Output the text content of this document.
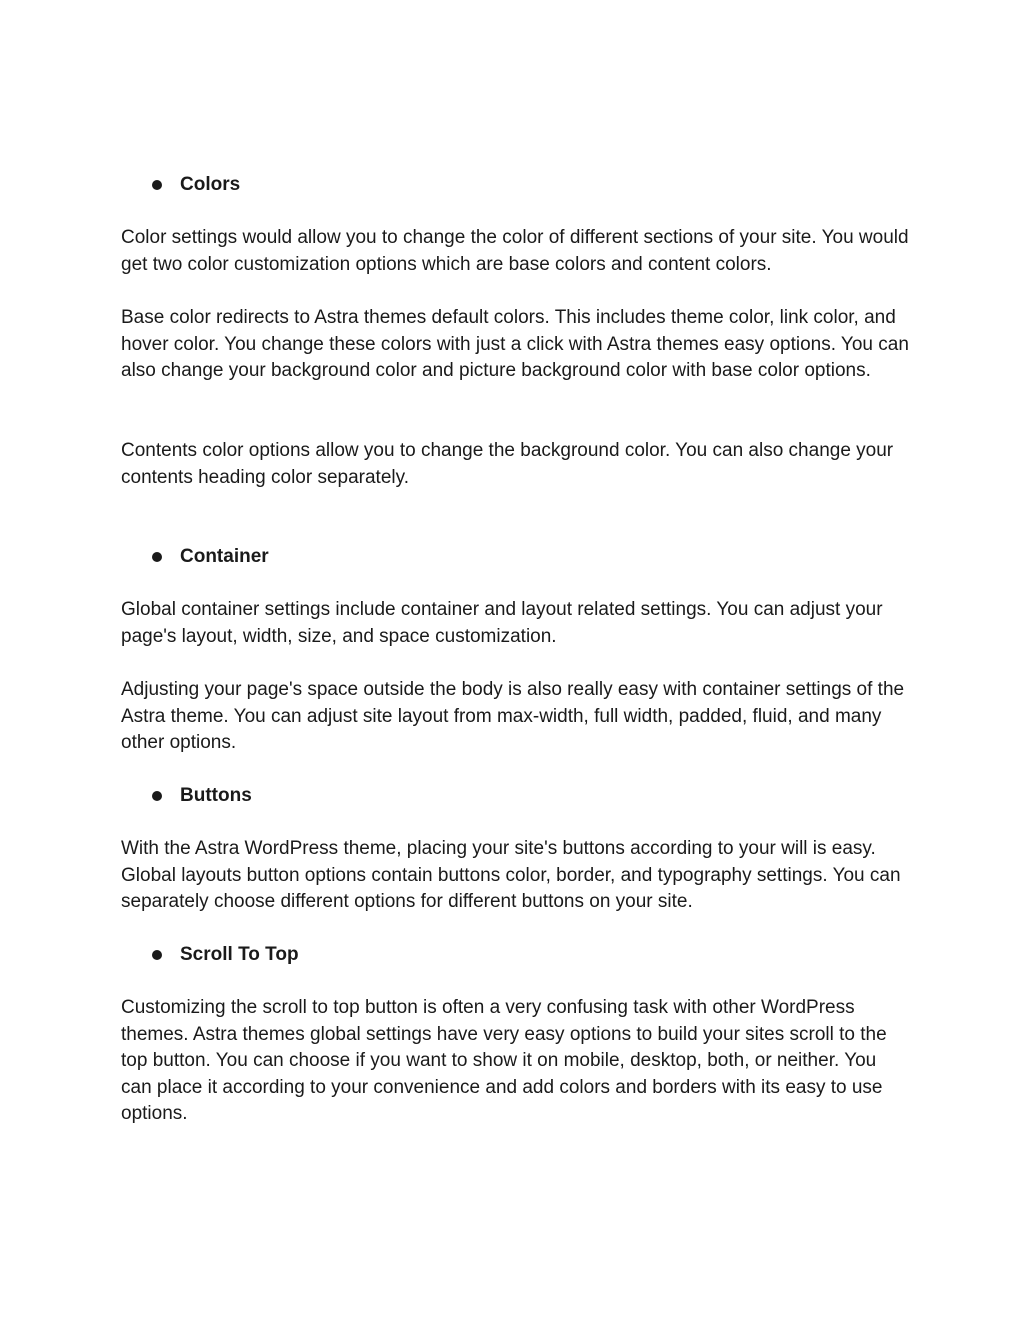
Colors

Color settings would allow you to change the color of different sections of your site. You would get two color customization options which are base colors and content colors.

Base color redirects to Astra themes default colors. This includes theme color, link color, and hover color. You change these colors with just a click with Astra themes easy options. You can also change your background color and picture background color with base color options.

Contents color options allow you to change the background color. You can also change your contents heading color separately.

Container

Global container settings include container and layout related settings. You can adjust your page's layout, width, size, and space customization.

Adjusting your page's space outside the body is also really easy with container settings of the Astra theme. You can adjust site layout from max-width, full width, padded, fluid, and many other options.

Buttons

With the Astra WordPress theme, placing your site's buttons according to your will is easy. Global layouts button options contain buttons color, border, and typography settings. You can separately choose different options for different buttons on your site.

Scroll To Top

Customizing the scroll to top button is often a very confusing task with other WordPress themes. Astra themes global settings have very easy options to build your sites scroll to the top button. You can choose if you want to show it on mobile, desktop, both, or neither. You can place it according to your convenience and add colors and borders with its easy to use options.
